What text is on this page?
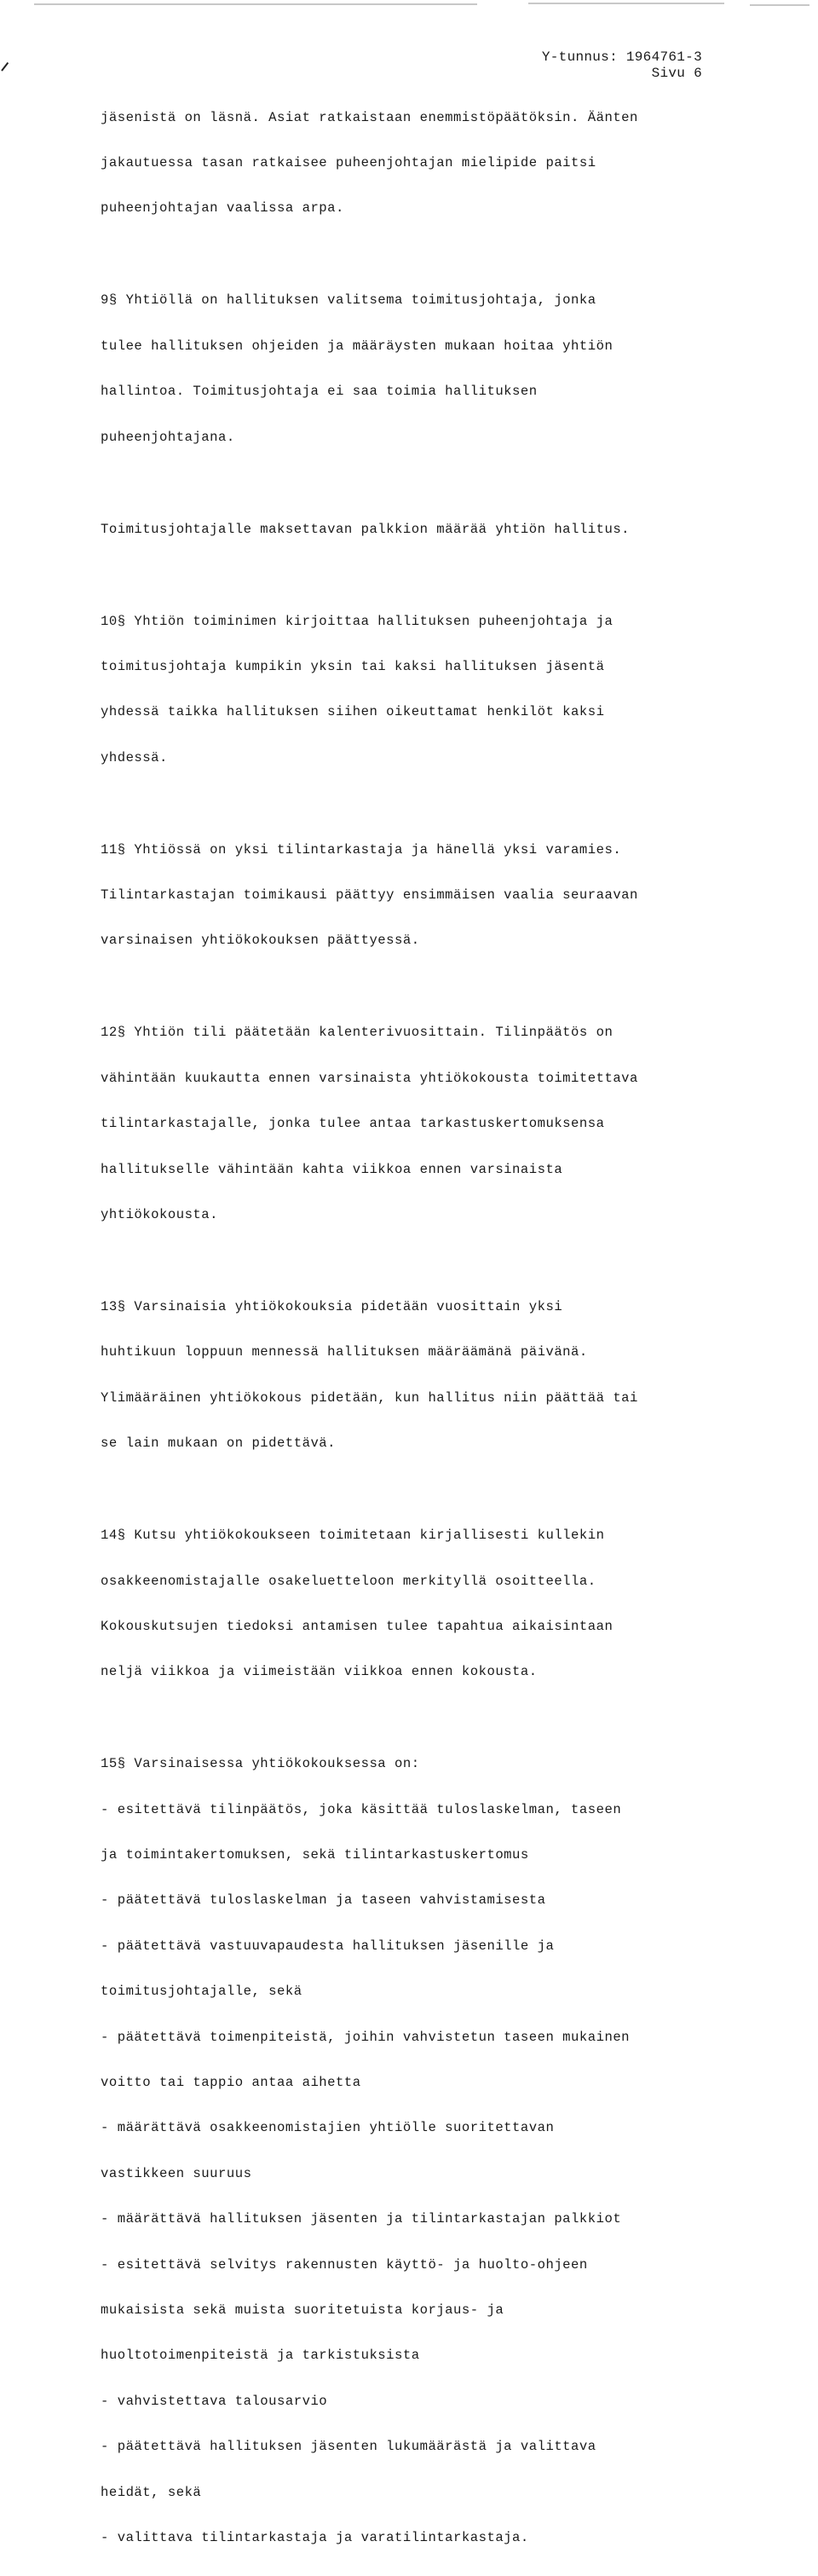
Y-tunnus: 1964761-3
Sivu 6

jäsenistä on läsnä. Asiat ratkaistaan enemmistöpäätöksin. Äänten

jakautuessa tasan ratkaisee puheenjohtajan mielipide paitsi

puheenjohtajan vaalissa arpa.

9§ Yhtiöllä on hallituksen valitsema toimitusjohtaja, jonka

tulee hallituksen ohjeiden ja määräysten mukaan hoitaa yhtiön

hallintoa. Toimitusjohtaja ei saa toimia hallituksen

puheenjohtajana.

Toimitusjohtajalle maksettavan palkkion määrää yhtiön hallitus.

10§ Yhtiön toiminimen kirjoittaa hallituksen puheenjohtaja ja

toimitusjohtaja kumpikin yksin tai kaksi hallituksen jäsentä

yhdessä taikka hallituksen siihen oikeuttamat henkilöt kaksi

yhdessä.

11§ Yhtiössä on yksi tilintarkastaja ja hänellä yksi varamies.

Tilintarkastajan toimikausi päättyy ensimmäisen vaalia seuraavan

varsinaisen yhtiökokouksen päättyessä.

12§ Yhtiön tili päätetään kalenterivuosittain. Tilinpäätös on

vähintään kuukautta ennen varsinaista yhtiökokousta toimitettava

tilintarkastajalle, jonka tulee antaa tarkastuskertomuksensa

hallitukselle vähintään kahta viikkoa ennen varsinaista

yhtiökokousta.

13§ Varsinaisia yhtiökokouksia pidetään vuosittain yksi

huhtikuun loppuun mennessä hallituksen määräämänä päivänä.

Ylimääräinen yhtiökokous pidetään, kun hallitus niin päättää tai

se lain mukaan on pidettävä.

14§ Kutsu yhtiökokoukseen toimitetaan kirjallisesti kullekin

osakkeenomistajalle osakeluetteloon merkityllä osoitteella.

Kokouskutsujen tiedoksi antamisen tulee tapahtua aikaisintaan

neljä viikkoa ja viimeistään viikkoa ennen kokousta.

15§ Varsinaisessa yhtiökokouksessa on:

- esitettävä tilinpäätös, joka käsittää tuloslaskelman, taseen

ja toimintakertomuksen, sekä tilintarkastuskertomus

- päätettävä tuloslaskelman ja taseen vahvistamisesta

- päätettävä vastuuvapaudesta hallituksen jäsenille ja

toimitusjohtajalle, sekä

- päätettävä toimenpiteistä, joihin vahvistetun taseen mukainen

voitto tai tappio antaa aihetta

- määrättävä osakkeenomistajien yhtiölle suoritettavan

vastikkeen suuruus

- määrättävä hallituksen jäsenten ja tilintarkastajan palkkiot

- esitettävä selvitys rakennusten käyttö- ja huolto-ohjeen

mukaisista sekä muista suoritetuista korjaus- ja

huoltotoimenpiteistä ja tarkistuksista

- vahvistettava talousarvio

- päätettävä hallituksen jäsenten lukumäärästä ja valittava

heidät, sekä

- valittava tilintarkastaja ja varatilintarkastaja.
